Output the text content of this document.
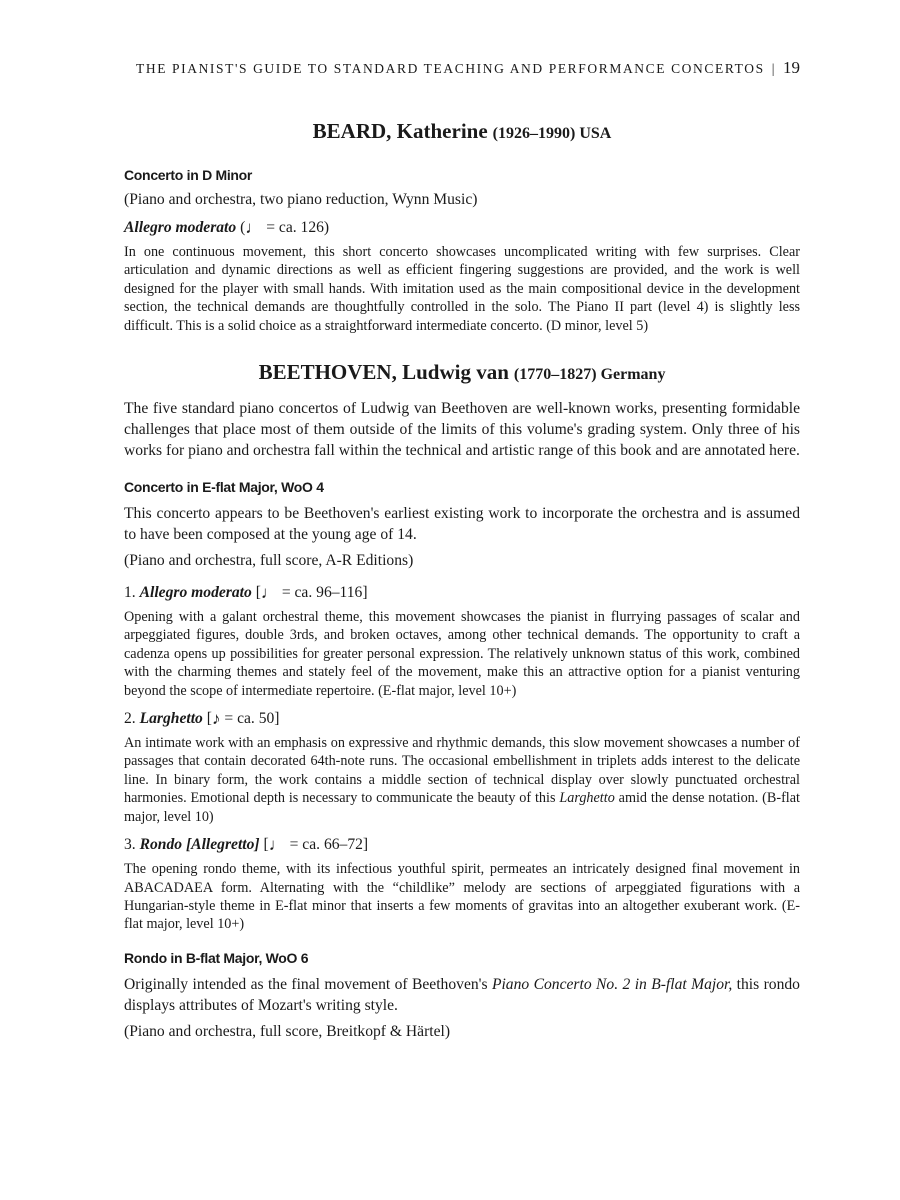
THE PIANIST'S GUIDE TO STANDARD TEACHING AND PERFORMANCE CONCERTOS | 19
BEARD, Katherine (1926–1990) USA
Concerto in D Minor

(Piano and orchestra, two piano reduction, Wynn Music)

Allegro moderato (♩ = ca. 126)

In one continuous movement, this short concerto showcases uncomplicated writing with few surprises. Clear articulation and dynamic directions as well as efficient fingering suggestions are provided, and the work is well designed for the player with small hands. With imitation used as the main compositional device in the development section, the technical demands are thoughtfully controlled in the solo. The Piano II part (level 4) is slightly less difficult. This is a solid choice as a straightforward intermediate concerto. (D minor, level 5)

BEETHOVEN, Ludwig van (1770–1827) Germany

The five standard piano concertos of Ludwig van Beethoven are well-known works, presenting formidable challenges that place most of them outside of the limits of this volume's grading system. Only three of his works for piano and orchestra fall within the technical and artistic range of this book and are annotated here.

Concerto in E-flat Major, WoO 4

This concerto appears to be Beethoven's earliest existing work to incorporate the orchestra and is assumed to have been composed at the young age of 14.

(Piano and orchestra, full score, A-R Editions)

1. Allegro moderato [♩ = ca. 96–116]

Opening with a galant orchestral theme, this movement showcases the pianist in flurrying passages of scalar and arpeggiated figures, double 3rds, and broken octaves, among other technical demands. The opportunity to craft a cadenza opens up possibilities for greater personal expression. The relatively unknown status of this work, combined with the charming themes and stately feel of the movement, make this an attractive option for a pianist venturing beyond the scope of intermediate repertoire. (E-flat major, level 10+)

2. Larghetto [♪ = ca. 50]

An intimate work with an emphasis on expressive and rhythmic demands, this slow movement showcases a number of passages that contain decorated 64th-note runs. The occasional embellishment in triplets adds interest to the delicate line. In binary form, the work contains a middle section of technical display over slowly punctuated orchestral harmonies. Emotional depth is necessary to communicate the beauty of this Larghetto amid the dense notation. (B-flat major, level 10)

3. Rondo [Allegretto] [♩ = ca. 66–72]

The opening rondo theme, with its infectious youthful spirit, permeates an intricately designed final movement in ABACADAEA form. Alternating with the “childlike” melody are sections of arpeggiated figurations with a Hungarian-style theme in E-flat minor that inserts a few moments of gravitas into an altogether exuberant work. (E-flat major, level 10+)

Rondo in B-flat Major, WoO 6

Originally intended as the final movement of Beethoven's Piano Concerto No. 2 in B-flat Major, this rondo displays attributes of Mozart's writing style.

(Piano and orchestra, full score, Breitkopf & Härtel)
